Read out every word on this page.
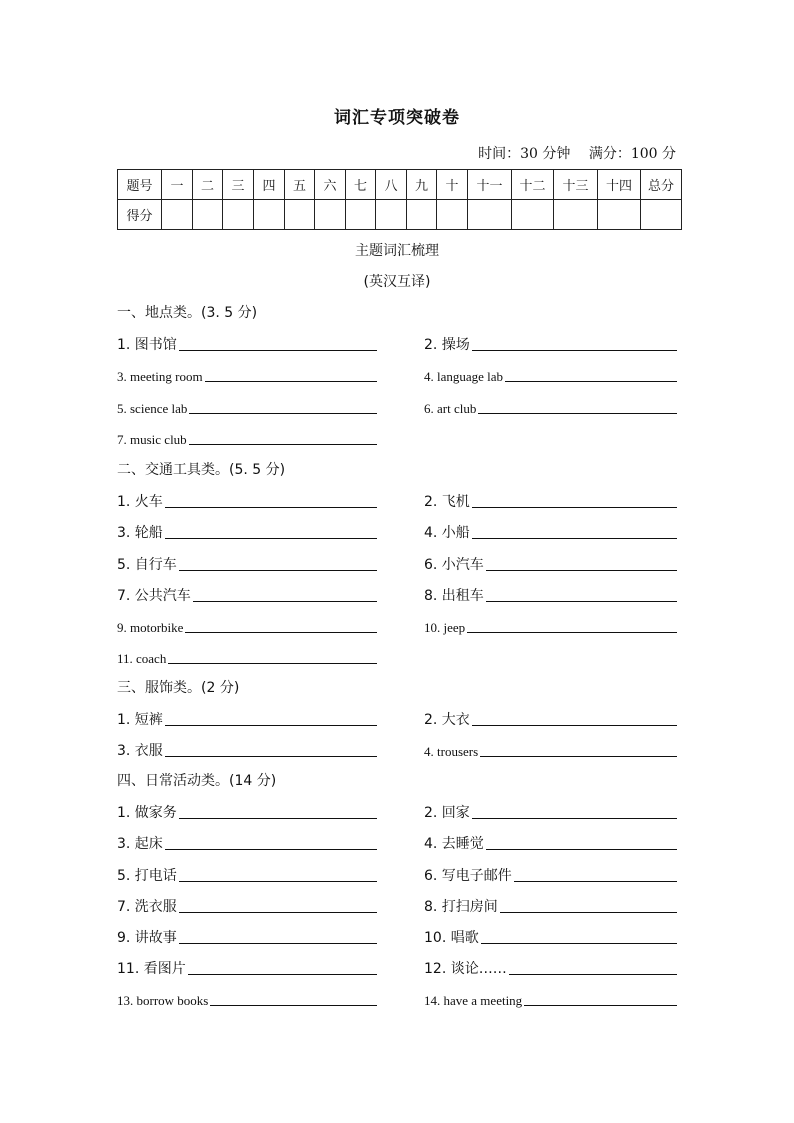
词汇专项突破卷
时间：30 分钟 满分：100 分
题号	一	二	三	四	五	六	七	八	九	十	十一	十二	十三	十四	总分
得分															
主题词汇梳理
(英汉互译)
一、地点类。(3. 5 分)
1. 图书馆	2. 操场
3. meeting room	4. language lab
5. science lab	6. art club
7. music club
二、交通工具类。(5. 5 分)
1. 火车	2. 飞机
3. 轮船	4. 小船
5. 自行车	6. 小汽车
7. 公共汽车	8. 出租车
9. motorbike	10. jeep
11. coach
三、服饰类。(2 分)
1. 短裤	2. 大衣
3. 衣服	4. trousers
四、日常活动类。(14 分)
1. 做家务	2. 回家
3. 起床	4. 去睡觉
5. 打电话	6. 写电子邮件
7. 洗衣服	8. 打扫房间
9. 讲故事	10. 唱歌
11. 看图片	12. 谈论……
13. borrow books	14. have a meeting
